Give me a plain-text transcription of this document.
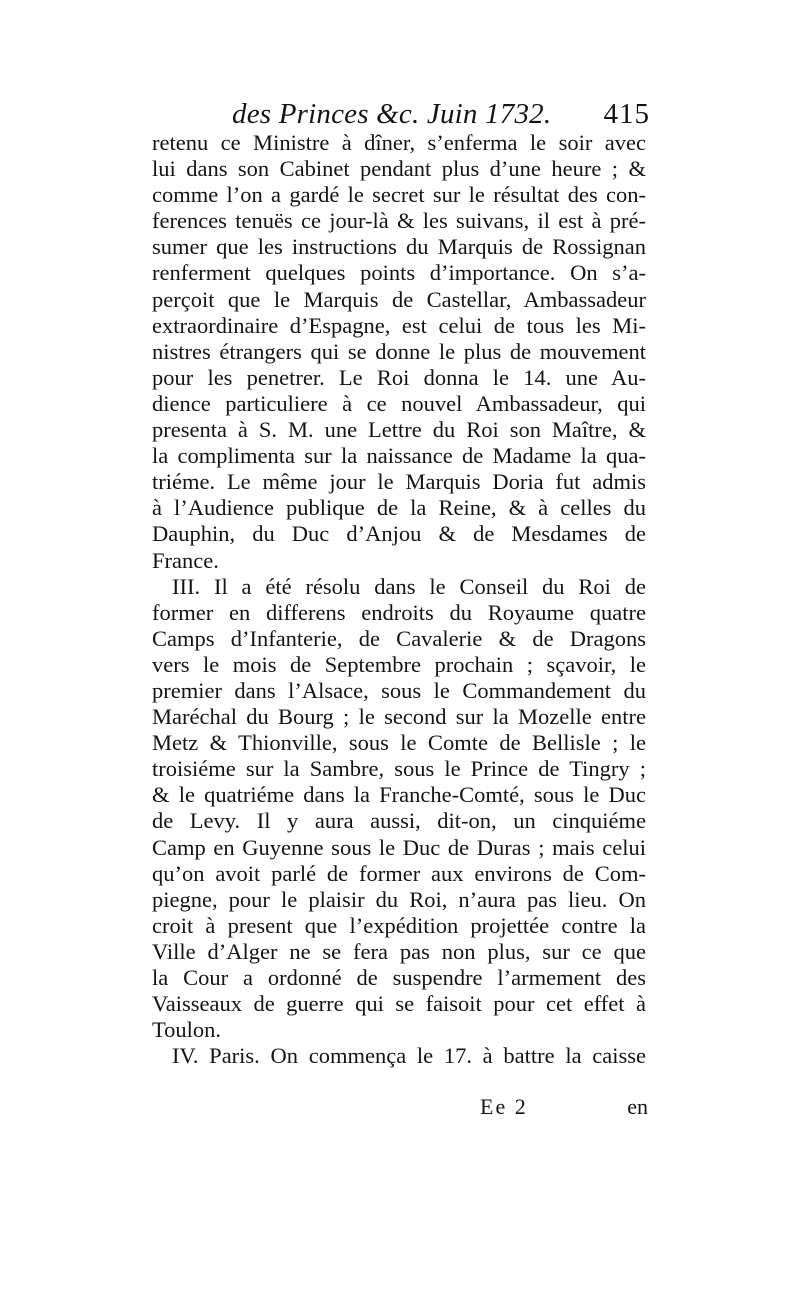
des Princes &c. Juin 1732. 415
retenu ce Ministre à dîner, s’enferma le soir avec
lui dans son Cabinet pendant plus d’une heure ; &
comme l’on a gardé le secret sur le résultat des con-
ferences tenuës ce jour-là & les suivans, il est à pré-
sumer que les instructions du Marquis de Rossignan
renferment quelques points d’importance. On s’a-
perçoit que le Marquis de Castellar, Ambassadeur
extraordinaire d’Espagne, est celui de tous les Mi-
nistres étrangers qui se donne le plus de mouvement
pour les penetrer. Le Roi donna le 14. une Au-
dience particuliere à ce nouvel Ambassadeur, qui
presenta à S. M. une Lettre du Roi son Maître, &
la complimenta sur la naissance de Madame la qua-
triéme. Le même jour le Marquis Doria fut admis
à l’Audience publique de la Reine, & à celles du
Dauphin, du Duc d’Anjou & de Mesdames de
France.
III. Il a été résolu dans le Conseil du Roi de
former en differens endroits du Royaume quatre
Camps d’Infanterie, de Cavalerie & de Dragons
vers le mois de Septembre prochain ; sçavoir, le
premier dans l’Alsace, sous le Commandement du
Maréchal du Bourg ; le second sur la Mozelle entre
Metz & Thionville, sous le Comte de Bellisle ; le
troisiéme sur la Sambre, sous le Prince de Tingry ;
& le quatriéme dans la Franche-Comté, sous le Duc
de Levy. Il y aura aussi, dit-on, un cinquiéme
Camp en Guyenne sous le Duc de Duras ; mais celui
qu’on avoit parlé de former aux environs de Com-
piegne, pour le plaisir du Roi, n’aura pas lieu. On
croit à present que l’expédition projettée contre la
Ville d’Alger ne se fera pas non plus, sur ce que
la Cour a ordonné de suspendre l’armement des
Vaisseaux de guerre qui se faisoit pour cet effet à
Toulon.
IV. Paris. On commença le 17. à battre la caisse
Ee 2	en
